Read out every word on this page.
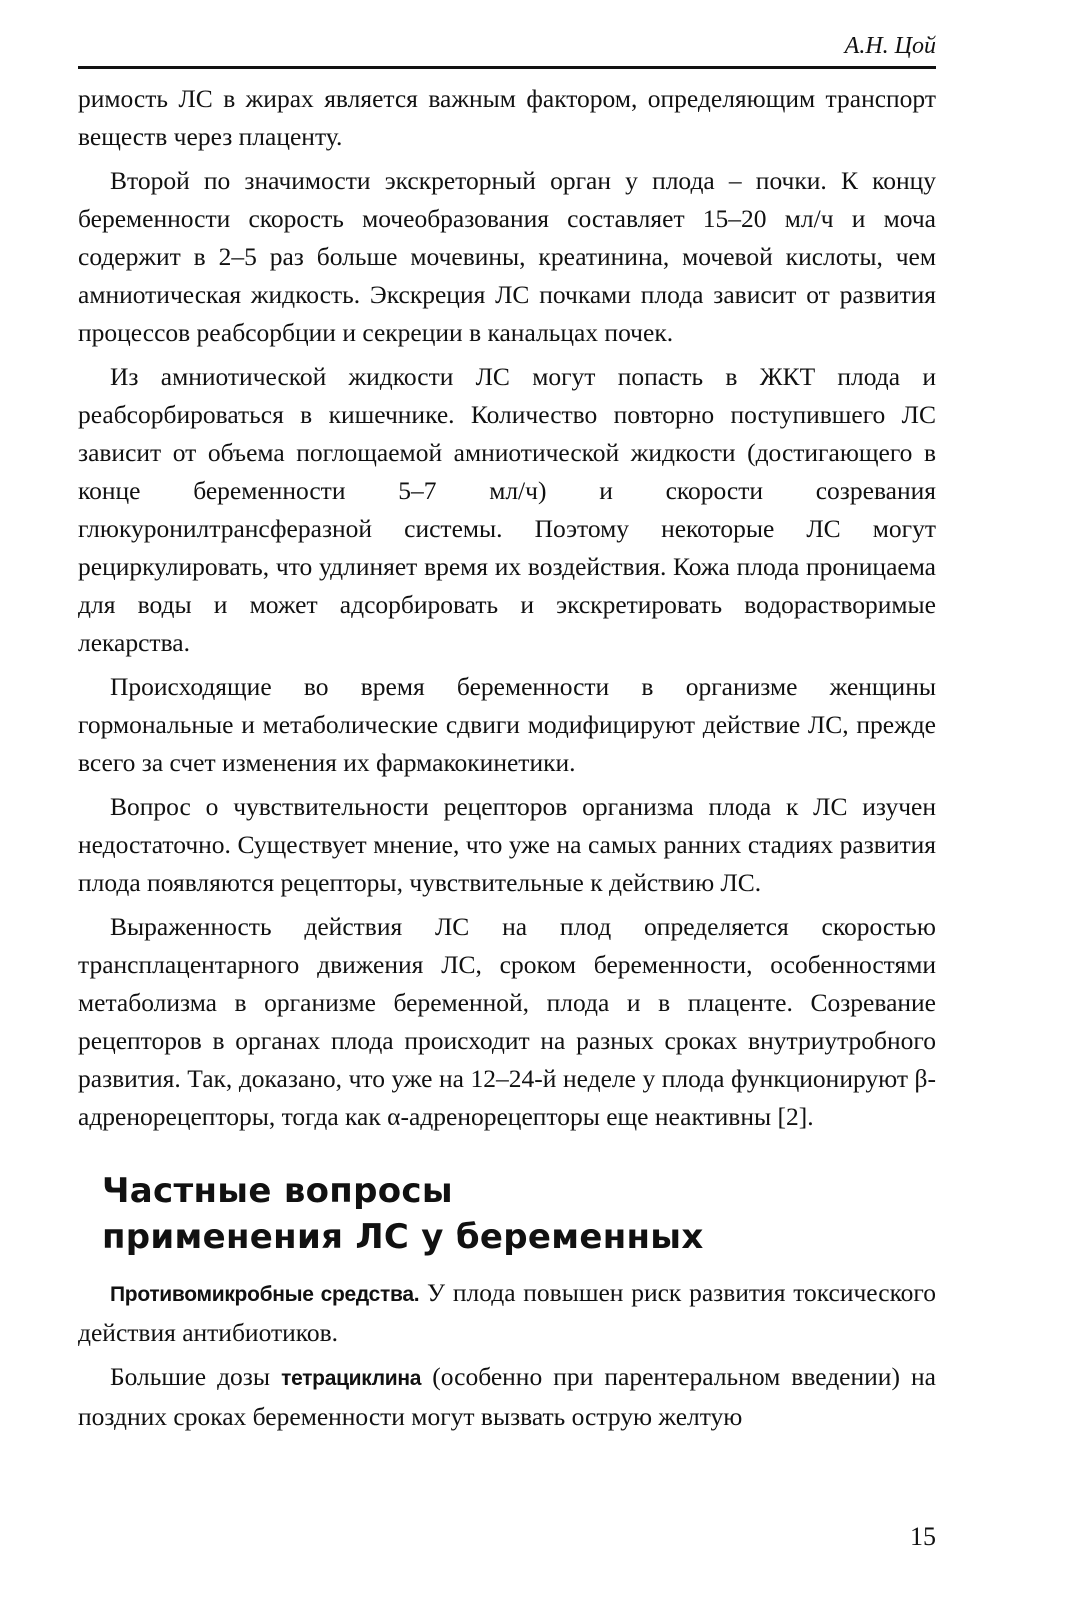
А.Н. Цой

римость ЛС в жирах является важным фактором, определяющим транспорт веществ через плаценту.

Второй по значимости экскреторный орган у плода – почки. К концу беременности скорость мочеобразования составляет 15–20 мл/ч и моча содержит в 2–5 раз больше мочевины, креатинина, мочевой кислоты, чем амниотическая жидкость. Экскреция ЛС почками плода зависит от развития процессов реабсорбции и секреции в канальцах почек.

Из амниотической жидкости ЛС могут попасть в ЖКТ плода и реабсорбироваться в кишечнике. Количество повторно поступившего ЛС зависит от объема поглощаемой амниотической жидкости (достигающего в конце беременности 5–7 мл/ч) и скорости созревания глюкуронилтрансферазной системы. Поэтому некоторые ЛС могут рециркулировать, что удлиняет время их воздействия. Кожа плода проницаема для воды и может адсорбировать и экскретировать водорастворимые лекарства.

Происходящие во время беременности в организме женщины гормональные и метаболические сдвиги модифицируют действие ЛС, прежде всего за счет изменения их фармакокинетики.

Вопрос о чувствительности рецепторов организма плода к ЛС изучен недостаточно. Существует мнение, что уже на самых ранних стадиях развития плода появляются рецепторы, чувствительные к действию ЛС.

Выраженность действия ЛС на плод определяется скоростью трансплацентарного движения ЛС, сроком беременности, особенностями метаболизма в организме беременной, плода и в плаценте. Созревание рецепторов в органах плода происходит на разных сроках внутриутробного развития. Так, доказано, что уже на 12–24-й неделе у плода функционируют β-адренорецепторы, тогда как α-адренорецепторы еще неактивны [2].

Частные вопросы
применения ЛС у беременных

Противомикробные средства. У плода повышен риск развития токсического действия антибиотиков.

Большие дозы тетрациклина (особенно при парентеральном введении) на поздних сроках беременности могут вызвать острую желтую

15
